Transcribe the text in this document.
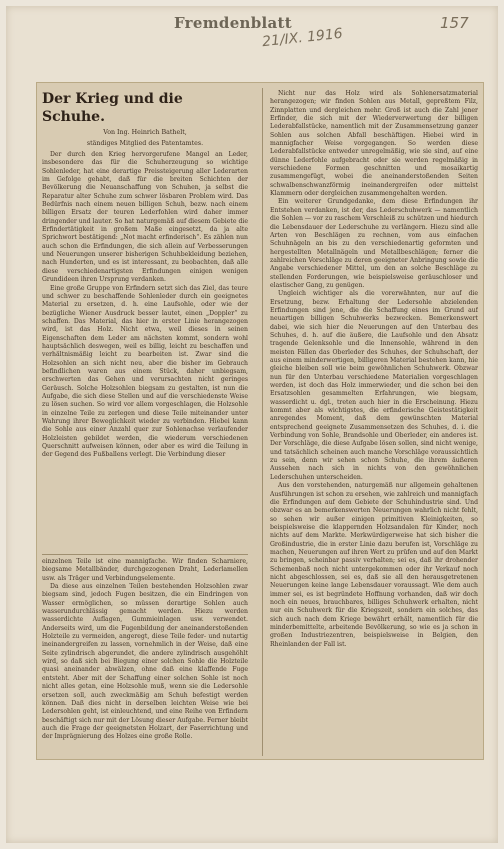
Fremdenblatt
21/IX. 1916
157
Der Krieg und die Schuhe.
Von Ing. Heinrich Bathelt,
ständiges Mitglied des Patentamtes.

Der durch den Krieg hervorgerufene Mangel an Leder, insbesondere das für die Schuherzeugung so wichtige Sohlenleder, hat eine derartige Preissteigerung aller Lederarten im Gefolge gehabt, daß für die breiten Schichten der Bevölkerung die Neuanschaffung von Schuhen, ja selbst die Reparatur alter Schuhe zum schwer lösbaren Problem wird. Das Bedürfnis nach einem neuen billigen Schuh, bezw. nach einem billigen Ersatz der teuren Lederfohlen wird daher immer dringender und lauter. So hat naturgemäß auf diesem Gebiete die Erfindertätigkeit in großem Maße eingesetzt, da ja alte Sprichwort bestätigend: „Not macht erfinderisch“. Es zählen nun auch schon die Erfindungen, die sich allein auf Verbesserungen und Neuerungen unserer bisherigen Schuhbekleidung beziehen, nach Hunderten, und es ist interessant, zu beobachten, daß alle diese verschiedenartigsten Erfindungen einigen wenigen Grundideen ihren Ursprung verdanken.

Eine große Gruppe von Erfindern setzt sich das Ziel, das teure und schwer zu beschaffende Sohlenleder durch ein geeignetes Material zu ersetzen, d. h. eine Laufsohle, oder wie der bezügliche Wiener Ausdruck besser lautet, einen „Doppler“ zu schaffen. Das Material, das hier in erster Linie herangezogen wird, ist das Holz. Nicht etwa, weil dieses in seinen Eigenschaften dem Leder am nächsten kommt, sondern wohl hauptsächlich deswegen, weil es billig, leicht zu beschaffen und verhältnismäßig leicht zu bearbeiten ist. Zwar sind die Holzsohlen an sich nicht neu, aber die bisher im Gebrauch befindlichen waren aus einem Stück, daher unbiegsam, erschwerten das Gehen und verursachten nicht geringes Geräusch. Solche Holzsohlen biegsam zu gestalten, ist nun die Aufgabe, die sich diese Stellen und auf die verschiedenste Weise zu lösen suchen. So wird vor allem vorgeschlagen, die Holzsohle in einzelne Teile zu zerlegen und diese Teile miteinander unter Wahrung ihrer Beweglichkeit wieder zu verbinden. Hiebei kann die Sohle aus einer Anzahl quer zur Sohlenachse verlaufender Holzleisten gebildet werden, die wiederum verschiedenen Querschnitt aufweisen können, oder aber es wird die Teilung in der Gegend des Fußballens verlegt. Die Verbindung dieser

einzelnen Teile ist eine mannigfache. Wir finden Scharniere, biegsame Metallbänder, durchgezogenen Draht, Lederlamellen usw. als Träger und Verbindungselemente.

Da diese aus einzelnen Teilen bestehenden Holzsohlen zwar biegsam sind, jedoch Fugen besitzen, die ein Eindringen von Wasser ermöglichen, so müssen derartige Sohlen auch wasserundurchlässig gemacht werden. Hiezu werden wasserdichte Auflagen, Gummieinlagen usw. verwendet. Anderseits wird, um die Fugenbildung der aneinanderstoßenden Holzteile zu vermeiden, angeregt, diese Teile feder- und nutartig ineinandergreifen zu lassen, vornehmlich in der Weise, daß eine Seite zylindrisch abgerundet, die andere zylindrisch ausgehöhlt wird, so daß sich bei Biegung einer solchen Sohle die Holzteile quasi aneinander abwälzen, ohne daß eine klaffende Fuge entsteht. Aber mit der Schaffung einer solchen Sohle ist noch nicht alles getan, eine Holzsohle muß, wenn sie die Ledersohle ersetzen soll, auch zweckmäßig am Schuh befestigt werden können. Daß dies nicht in derselben leichten Weise wie bei Ledersohlen geht, ist einleuchtend, und eine Reihe von Erfindern beschäftigt sich nur mit der Lösung dieser Aufgabe. Ferner bleibt auch die Frage der geeignetsten Holzart, der Faserrichtung und der Imprägnierung des Holzes eine große Rolle.

Nicht nur das Holz wird als Sohlenersatzmaterial herangezogen; wir finden Sohlen aus Metall, gepreßtem Filz, Zinnplatten und dergleichen mehr. Groß ist auch die Zahl jener Erfinder, die sich mit der Wiederverwertung der billigen Lederabfallstücke, namentlich mit der Zusammensetzung ganzer Sohlen aus solchen Abfall beschäftigen. Hiebei wird in mannigfacher Weise vorgegangen. So werden diese Lederabfallstücke entweder unregelmäßig, wie sie sind, auf eine dünne Lederfohle aufgebracht oder sie werden regelmäßig in verschiedene Formen geschnitten und mosaikartig zusammengefügt, wobei die aneinanderstoßenden Seiten schwalbenschwanzförmig ineinandergreifen oder mittelst Klammern oder dergleichen zusammengehalten werden.

Ein weiterer Grundgedanke, dem diese Erfindungen ihr Entstehen verdanken, ist der, das Lederschuhwerk — namentlich die Sohlen — vor zu raschem Verschleiß zu schützen und hiedurch die Lebensdauer der Lederschuhe zu verlängern. Hiezu sind alle Arten von Beschlägen zu rechnen, vom aus einfachen Schuhnägeln an bis zu den verschiedenartig geformten und hergestellten Metallnägeln und Metallbeschlägen; ferner die zahlreichen Vorschläge zu deren geeigneter Anbringung sowie die Angabe verschiedener Mittel, um den an solche Beschläge zu stellenden Forderungen, wie beispielsweise geräuschloser und elastischer Gang, zu genügen.

Ungleich wichtiger als die vorerwähnten, nur auf die Ersetzung, bezw. Erhaltung der Ledersohle abzielenden Erfindungen sind jene, die die Schaffung eines im Grund auf neuartigen billigen Schuhwerks bezwecken. Bemerkenswert dabei, wie sich hier die Neuerungen auf den Unterbau des Schuhes, d. h. auf die äußere, die Laufsohle und den Absatz tragende Gelenksohle und die Innensohle, während in den meisten Fällen das Oberleder des Schuhes, der Schuhschaft, der aus einem minderwertigen, billigeren Material bestehen kann, hie gleiche bleiben soll wie beim gewöhnlichen Schuhwerk. Obzwar nun für den Unterbau verschiedene Materialien vorgeschlagen werden, ist doch das Holz immerwieder, und die schon bei den Ersatzsohlen gesammelten Erfahrungen, wie biegsam, wasserdicht u. dgl., treten auch hier in die Erscheinung. Hiezu kommt aber als wichtigstes, die erfinderische Geistestätigkeit anregendes Moment, daß dem gewünschten Material entsprechend geeignete Zusammensetzen des Schuhes, d. i. die Verbindung von Sohle, Brandsohle und Oberleder, ein anderes ist. Der Vorschläge, die diese Aufgabe lösen sollen, sind nicht wenige, und tatsächlich scheinen auch manche Vorschläge voraussichtlich zu sein, denn wir sehen schon Schuhe, die ihrem äußeren Aussehen nach sich in nichts von den gewöhnlichen Lederschuhen unterscheiden.

Aus den vorstehenden, naturgemäß nur allgemein gehaltenen Ausführungen ist schon zu ersehen, wie zahlreich und mannigfach die Erfindungen auf dem Gebiete der Schuhindustrie sind. Und obzwar es an bemerkenswerten Neuerungen wahrlich nicht fehlt, so sehen wir außer einigen primitiven Kleinigkeiten, so beispielsweise die klappernden Holzsandalen für Kinder, noch nichts auf dem Markte. Merkwürdigerweise hat sich bisher die Großindustrie, die in erster Linie dazu berufen ist, Vorschläge zu machen, Neuerungen auf ihren Wert zu prüfen und auf den Markt zu bringen, scheinbar passiv verhalten; sei es, daß ihr drohender Schemenbaß noch nicht untergekommen oder ihr Verkauf noch nicht abgeschlossen, sei es, daß sie all den herausgetretenen Neuerungen keine lange Lebensdauer voraussagt. Wie dem auch immer sei, es ist begründete Hoffnung vorhanden, daß wir doch noch ein neues, brauchbares, billiges Schuhwerk erhalten, nicht nur ein Schuhwerk für die Kriegszeit, sondern ein solches, das sich auch nach dem Kriege bewährt erhält, namentlich für die minderbemittelte, arbeitende Bevölkerung, so wie es ja schon in großen Industriezentren, beispielsweise in Belgien, den Rheinlanden der Fall ist.
